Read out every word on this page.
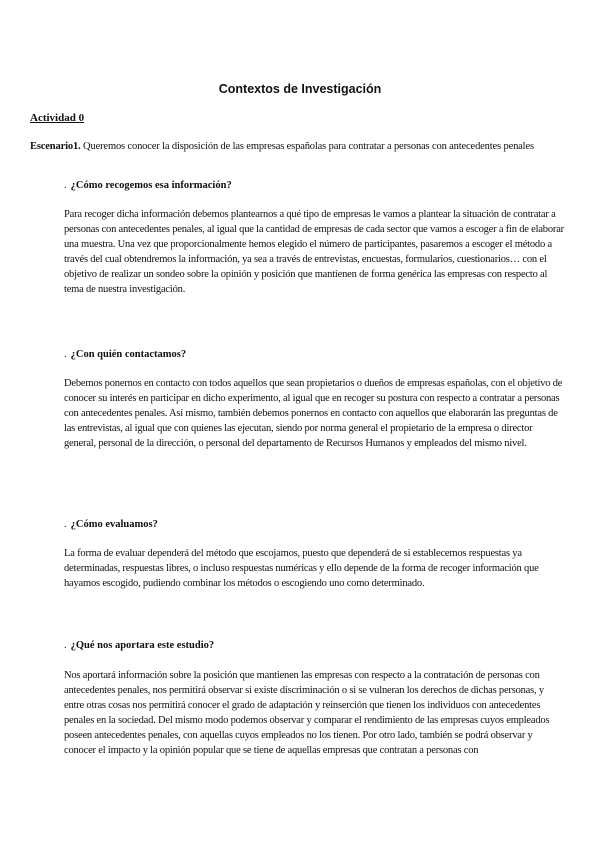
Contextos de Investigación
Actividad 0
Escenario1. Queremos conocer la disposición de las empresas españolas para contratar a personas con antecedentes penales
. ¿Cómo recogemos esa información?
Para recoger dicha información debemos plantearnos a qué tipo de empresas le vamos a plantear la situación de contratar a personas con antecedentes penales, al igual que la cantidad de empresas de cada sector que vamos a escoger a fin de elaborar una muestra. Una vez que proporcionalmente hemos elegido el número de participantes, pasaremos a escoger el método a través del cual obtendremos la información, ya sea a través de entrevistas, encuestas, formularios, cuestionarios… con el objetivo de realizar un sondeo sobre la opinión y posición que mantienen de forma genérica las empresas con respecto al tema de nuestra investigación.
. ¿Con quién contactamos?
Debemos ponernos en contacto con todos aquellos que sean propietarios o dueños de empresas españolas, con el objetivo de conocer su interés en participar en dicho experimento, al igual que en recoger su postura con respecto a contratar a personas con antecedentes penales. Así mismo, también debemos ponernos en contacto con aquellos que elaborarán las preguntas de las entrevistas, al igual que con quienes las ejecutan, siendo por norma general el propietario de la empresa o director general, personal de la dirección, o personal del departamento de Recursos Humanos y empleados del mismo nivel.
. ¿Cómo evaluamos?
La forma de evaluar dependerá del método que escojamos, puesto que dependerá de si establecemos respuestas ya determinadas, respuestas libres, o incluso respuestas numéricas y ello depende de la forma de recoger información que hayamos escogido, pudiendo combinar los métodos o escogiendo uno como determinado.
. ¿Qué nos aportara este estudio?
Nos aportará información sobre la posición que mantienen las empresas con respecto a la contratación de personas con antecedentes penales, nos permitirá observar si existe discriminación o si se vulneran los derechos de dichas personas, y entre otras cosas nos permitirá conocer el grado de adaptación y reinserción que tienen los individuos con antecedentes penales en la sociedad. Del mismo modo podemos observar y comparar el rendimiento de las empresas cuyos empleados poseen antecedentes penales, con aquellas cuyos empleados no los tienen. Por otro lado, también se podrá observar y conocer el impacto y la opinión popular que se tiene de aquellas empresas que contratan a personas con
